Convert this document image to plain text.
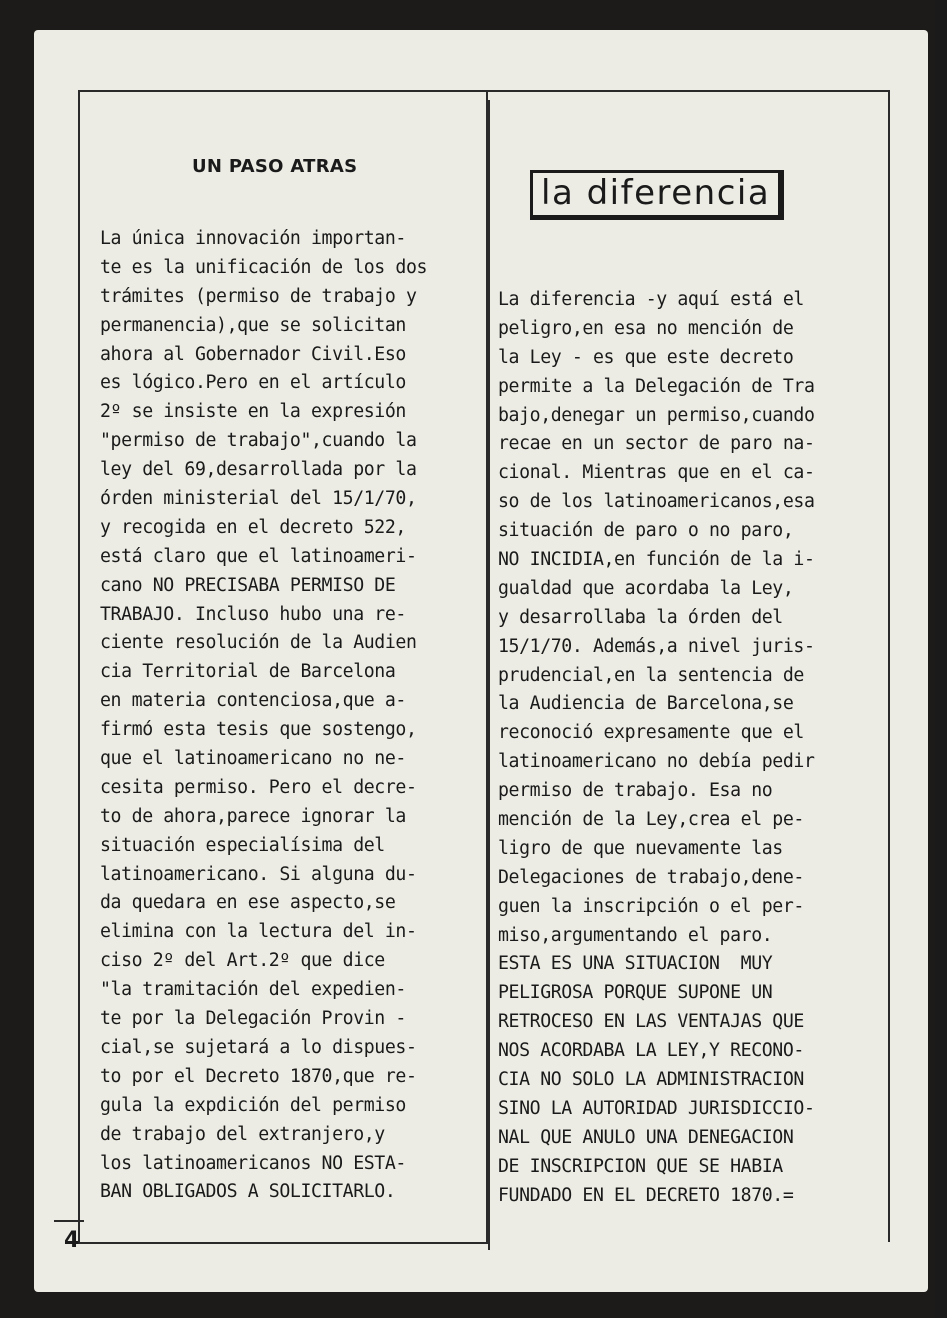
UN PASO ATRAS
la diferencia
La única innovación importan-
te es la unificación de los dos
trámites (permiso de trabajo y
permanencia),que se solicitan
ahora al Gobernador Civil.Eso
es lógico.Pero en el artículo
2º se insiste en la expresión
"permiso de trabajo",cuando la
ley del 69,desarrollada por la
órden ministerial del 15/1/70,
y recogida en el decreto 522,
está claro que el latinoameri-
cano NO PRECISABA PERMISO DE
TRABAJO. Incluso hubo una re-
ciente resolución de la Audien
cia Territorial de Barcelona
en materia contenciosa,que a-
firmó esta tesis que sostengo,
que el latinoamericano no ne-
cesita permiso. Pero el decre-
to de ahora,parece ignorar la
situación especialísima del
latinoamericano. Si alguna du-
da quedara en ese aspecto,se
elimina con la lectura del in-
ciso 2º del Art.2º que dice
"la tramitación del expedien-
te por la Delegación Provin -
cial,se sujetará a lo dispues-
to por el Decreto 1870,que re-
gula la expdición del permiso
de trabajo del extranjero,y
los latinoamericanos NO ESTA-
BAN OBLIGADOS A SOLICITARLO.
La diferencia -y aquí está el
peligro,en esa no mención de
la Ley - es que este decreto
permite a la Delegación de Tra
bajo,denegar un permiso,cuando
recae en un sector de paro na-
cional. Mientras que en el ca-
so de los latinoamericanos,esa
situación de paro o no paro,
NO INCIDIA,en función de la i-
gualdad que acordaba la Ley,
y desarrollaba la órden del
15/1/70. Además,a nivel juris-
prudencial,en la sentencia de
la Audiencia de Barcelona,se
reconoció expresamente que el
latinoamericano no debía pedir
permiso de trabajo. Esa no
mención de la Ley,crea el pe-
ligro de que nuevamente las
Delegaciones de trabajo,dene-
guen la inscripción o el per-
miso,argumentando el paro.
ESTA ES UNA SITUACION  MUY
PELIGROSA PORQUE SUPONE UN
RETROCESO EN LAS VENTAJAS QUE
NOS ACORDABA LA LEY,Y RECONO-
CIA NO SOLO LA ADMINISTRACION
SINO LA AUTORIDAD JURISDICCIO-
NAL QUE ANULO UNA DENEGACION
DE INSCRIPCION QUE SE HABIA
FUNDADO EN EL DECRETO 1870.=
4
